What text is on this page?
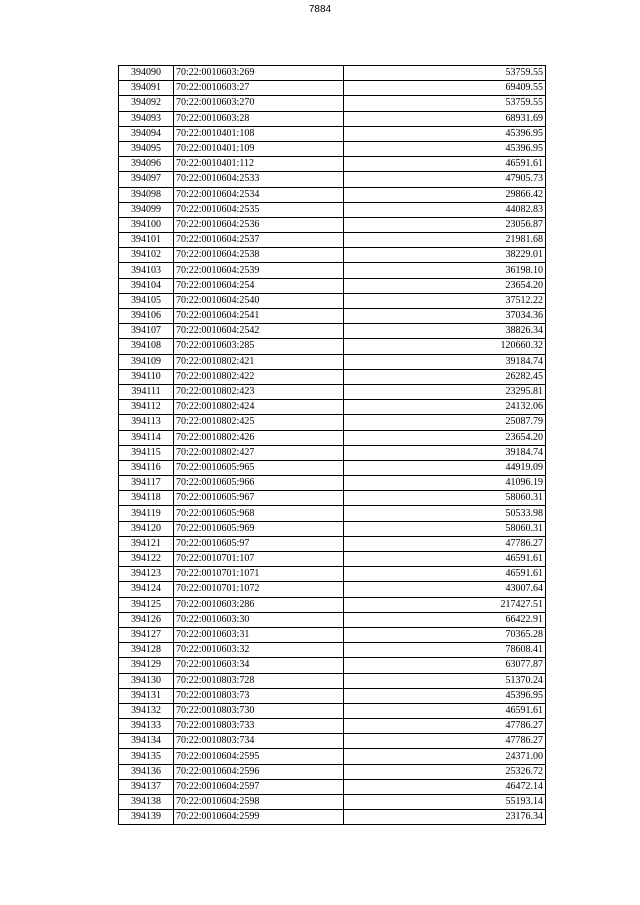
7884
394090	70:22:0010603:269	53759.55
394091	70:22:0010603:27	69409.55
394092	70:22:0010603:270	53759.55
394093	70:22:0010603:28	68931.69
394094	70:22:0010401:108	45396.95
394095	70:22:0010401:109	45396.95
394096	70:22:0010401:112	46591.61
394097	70:22:0010604:2533	47905.73
394098	70:22:0010604:2534	29866.42
394099	70:22:0010604:2535	44082.83
394100	70:22:0010604:2536	23056.87
394101	70:22:0010604:2537	21981.68
394102	70:22:0010604:2538	38229.01
394103	70:22:0010604:2539	36198.10
394104	70:22:0010604:254	23654.20
394105	70:22:0010604:2540	37512.22
394106	70:22:0010604:2541	37034.36
394107	70:22:0010604:2542	38826.34
394108	70:22:0010603:285	120660.32
394109	70:22:0010802:421	39184.74
394110	70:22:0010802:422	26282.45
394111	70:22:0010802:423	23295.81
394112	70:22:0010802:424	24132.06
394113	70:22:0010802:425	25087.79
394114	70:22:0010802:426	23654.20
394115	70:22:0010802:427	39184.74
394116	70:22:0010605:965	44919.09
394117	70:22:0010605:966	41096.19
394118	70:22:0010605:967	58060.31
394119	70:22:0010605:968	50533.98
394120	70:22:0010605:969	58060.31
394121	70:22:0010605:97	47786.27
394122	70:22:0010701:107	46591.61
394123	70:22:0010701:1071	46591.61
394124	70:22:0010701:1072	43007.64
394125	70:22:0010603:286	217427.51
394126	70:22:0010603:30	66422.91
394127	70:22:0010603:31	70365.28
394128	70:22:0010603:32	78608.41
394129	70:22:0010603:34	63077.87
394130	70:22:0010803:728	51370.24
394131	70:22:0010803:73	45396.95
394132	70:22:0010803:730	46591.61
394133	70:22:0010803:733	47786.27
394134	70:22:0010803:734	47786.27
394135	70:22:0010604:2595	24371.00
394136	70:22:0010604:2596	25326.72
394137	70:22:0010604:2597	46472.14
394138	70:22:0010604:2598	55193.14
394139	70:22:0010604:2599	23176.34
